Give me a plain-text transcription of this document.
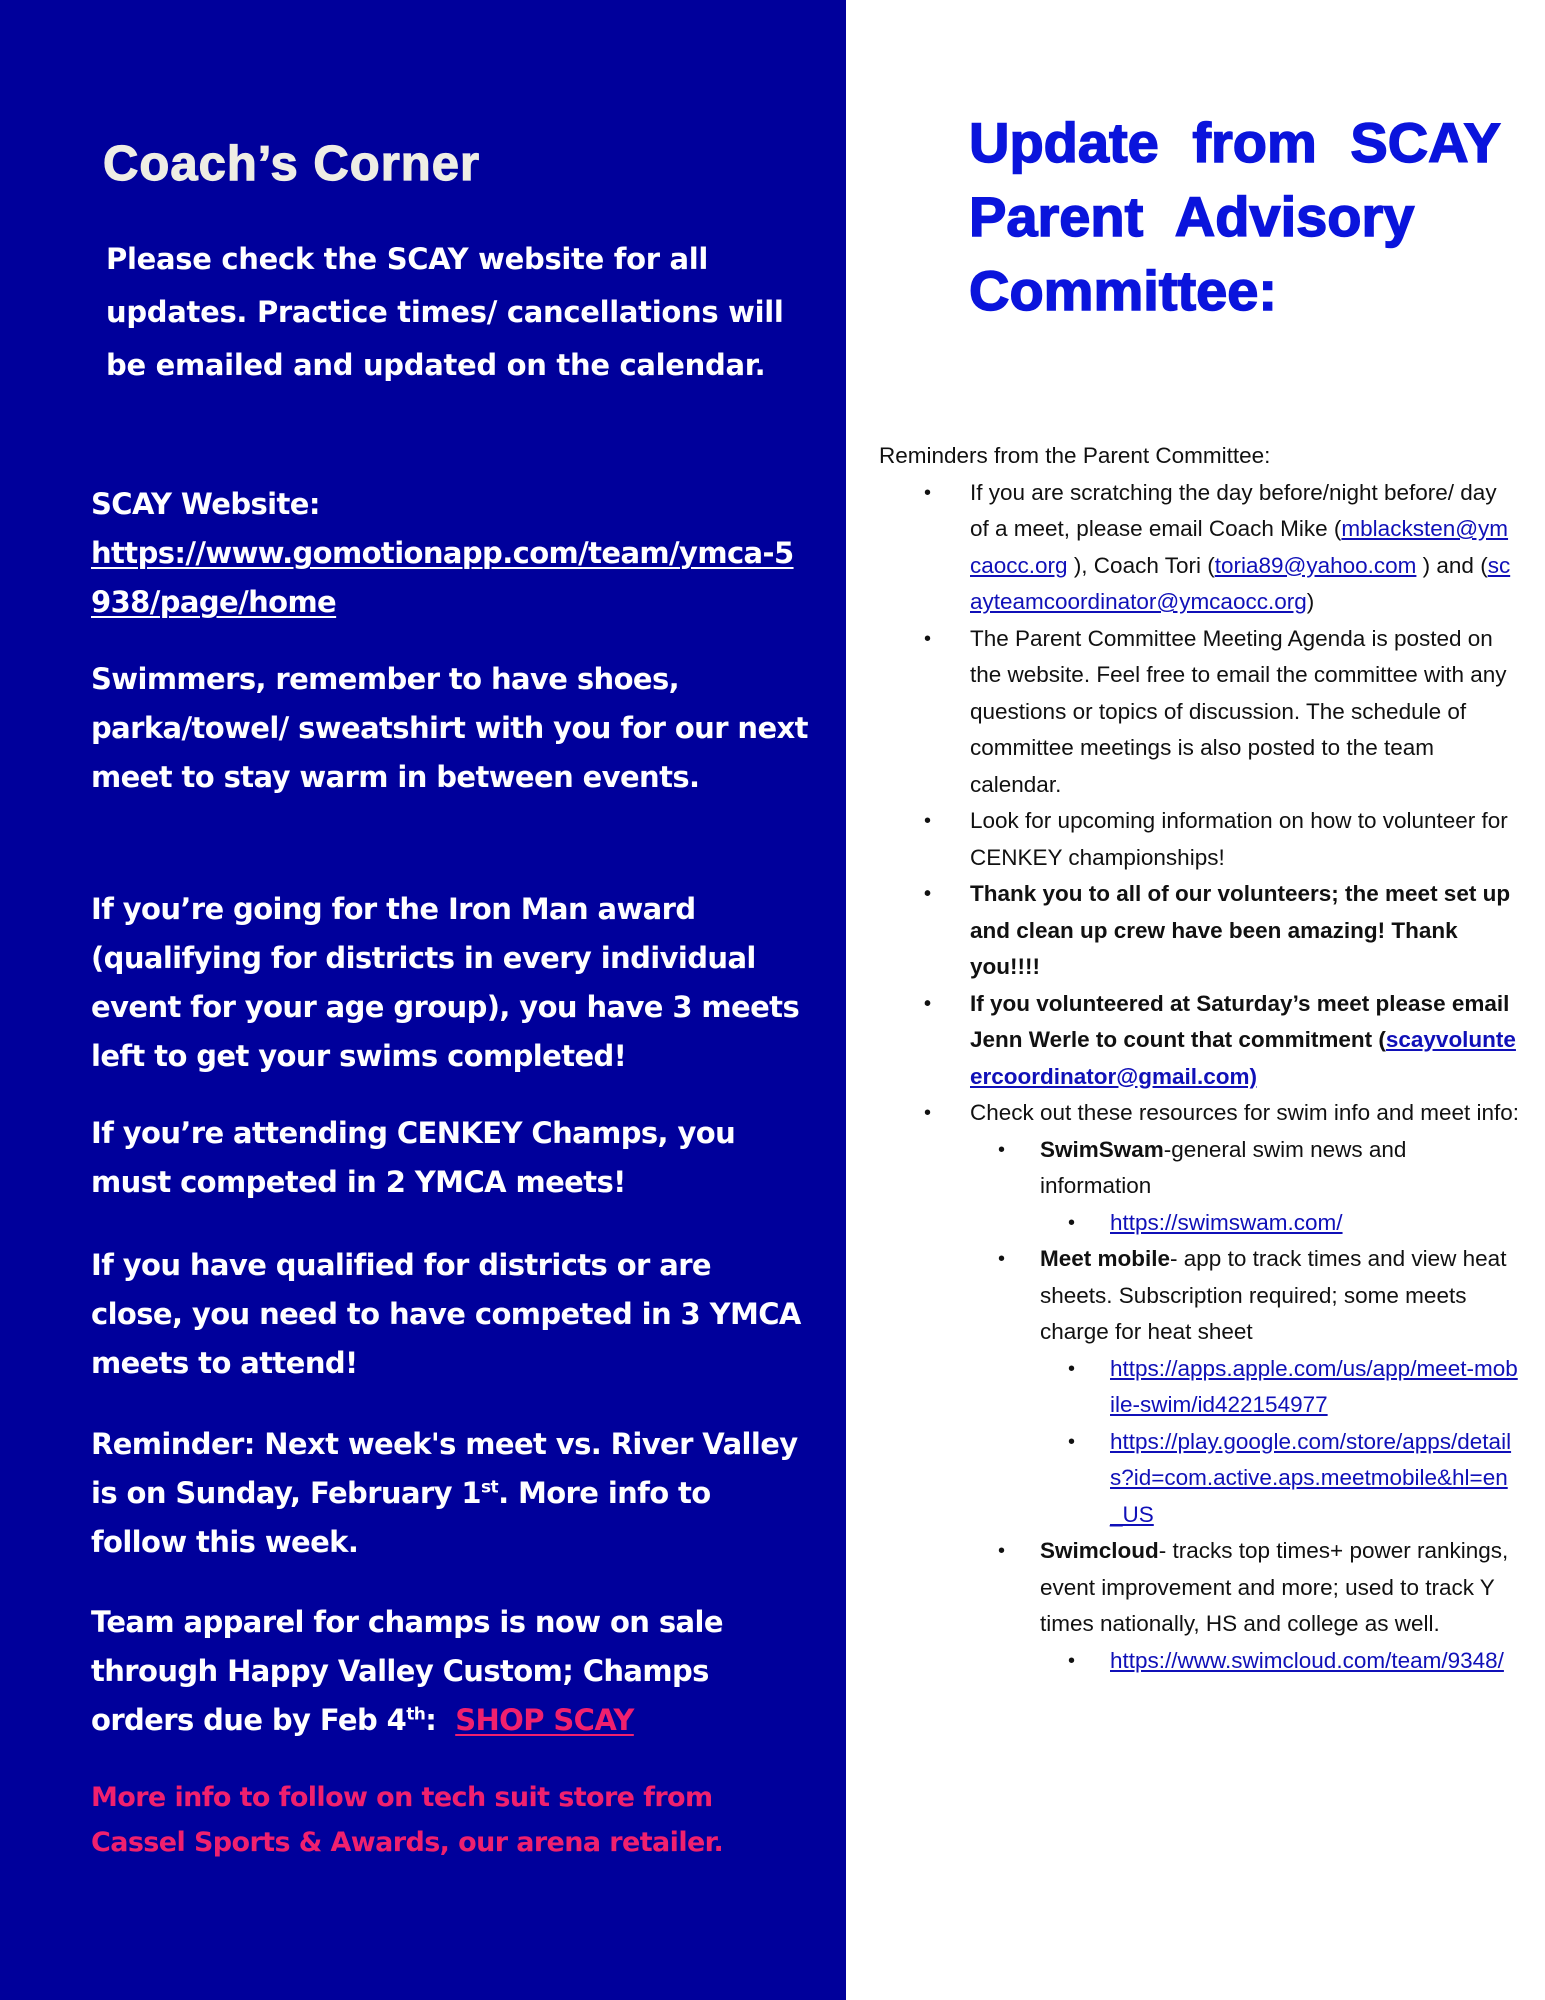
Coach’s Corner
Please check the SCAY website for all updates. Practice times/ cancellations will be emailed and updated on the calendar.
SCAY Website:
https://www.gomotionapp.com/team/ymca-5938/page/home
Swimmers, remember to have shoes, parka/towel/ sweatshirt with you for our next meet to stay warm in between events.
If you’re going for the Iron Man award (qualifying for districts in every individual event for your age group), you have 3 meets left to get your swims completed!
If you’re attending CENKEY Champs, you must competed in 2 YMCA meets!
If you have qualified for districts or are close, you need to have competed in 3 YMCA meets to attend!
Reminder: Next week's meet vs. River Valley is on Sunday, February 1st. More info to follow this week.
Team apparel for champs is now on sale through Happy Valley Custom; Champs orders due by Feb 4th:  SHOP SCAY
More info to follow on tech suit store from Cassel Sports & Awards, our arena retailer.
Update from SCAY Parent Advisory Committee:

Reminders from the Parent Committee:

• If you are scratching the day before/night before/ day of a meet, please email Coach Mike (mblacksten@ymcaocc.org ), Coach Tori (toria89@yahoo.com ) and (scayteamcoordinator@ymcaocc.org)
• The Parent Committee Meeting Agenda is posted on the website. Feel free to email the committee with any questions or topics of discussion. The schedule of committee meetings is also posted to the team calendar.
• Look for upcoming information on how to volunteer for CENKEY championships!
• Thank you to all of our volunteers; the meet set up and clean up crew have been amazing! Thank you!!!!
• If you volunteered at Saturday’s meet please email Jenn Werle to count that commitment (scayvolunteercoordinator@gmail.com)
• Check out these resources for swim info and meet info:
• SwimSwam-general swim news and information
• https://swimswam.com/
• Meet mobile- app to track times and view heat sheets. Subscription required; some meets charge for heat sheet
• https://apps.apple.com/us/app/meet-mobile-swim/id422154977
• https://play.google.com/store/apps/details?id=com.active.aps.meetmobile&hl=en_US
• Swimcloud- tracks top times+ power rankings, event improvement and more; used to track Y times nationally, HS and college as well.
• https://www.swimcloud.com/team/9348/
